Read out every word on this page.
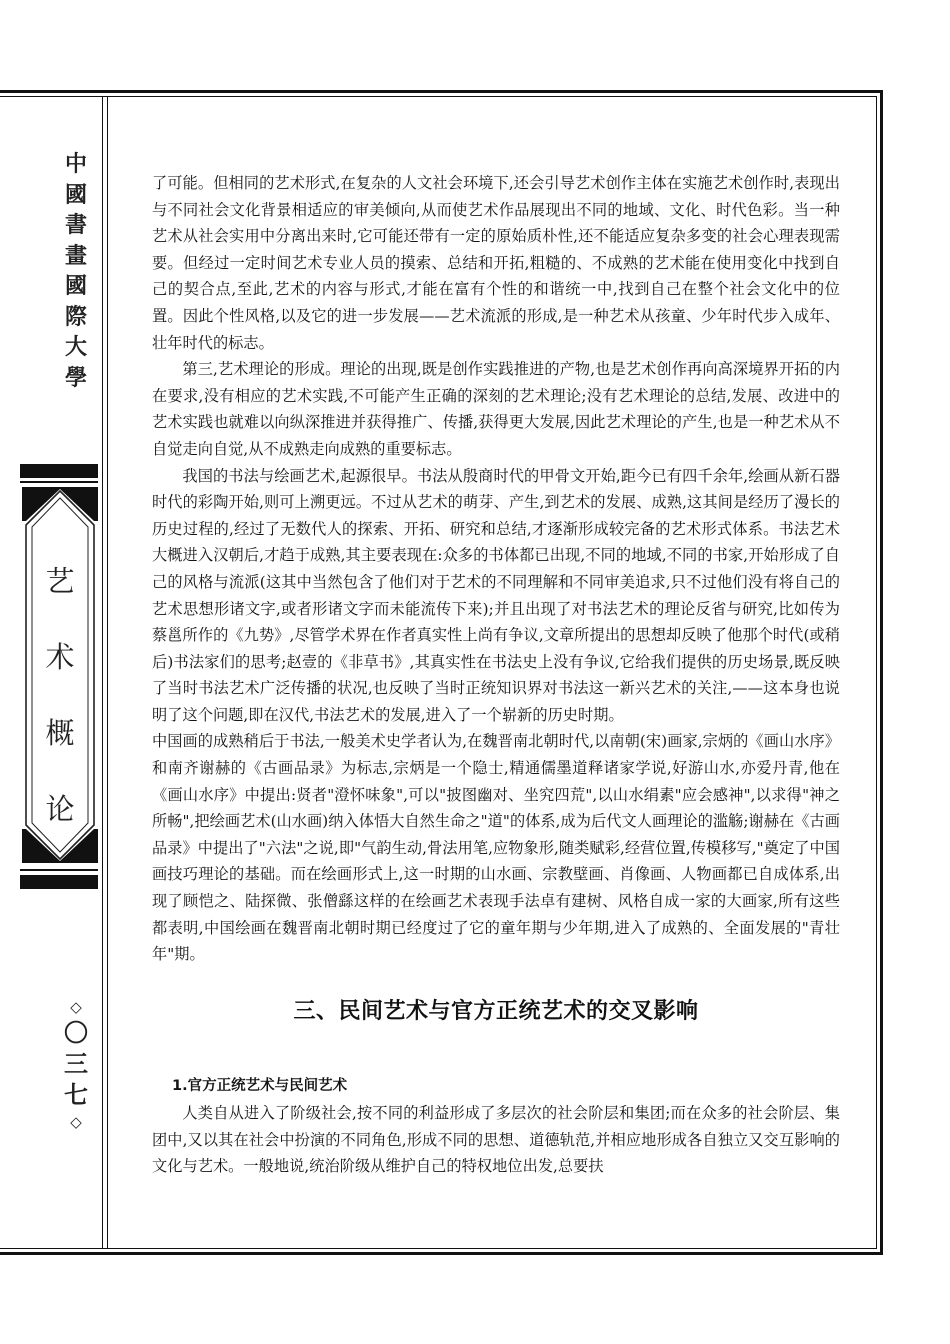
中
國
書
畫
國
際
大
學
艺
术
概
论
◇
〇
三
七
◇

了可能。但相同的艺术形式,在复杂的人文社会环境下,还会引导艺术创作主体在实施艺术创作时,表现出与不同社会文化背景相适应的审美倾向,从而使艺术作品展现出不同的地域、文化、时代色彩。当一种艺术从社会实用中分离出来时,它可能还带有一定的原始质朴性,还不能适应复杂多变的社会心理表现需要。但经过一定时间艺术专业人员的摸索、总结和开拓,粗糙的、不成熟的艺术能在使用变化中找到自己的契合点,至此,艺术的内容与形式,才能在富有个性的和谐统一中,找到自己在整个社会文化中的位置。因此个性风格,以及它的进一步发展——艺术流派的形成,是一种艺术从孩童、少年时代步入成年、壮年时代的标志。

第三,艺术理论的形成。理论的出现,既是创作实践推进的产物,也是艺术创作再向高深境界开拓的内在要求,没有相应的艺术实践,不可能产生正确的深刻的艺术理论;没有艺术理论的总结,发展、改进中的艺术实践也就难以向纵深推进并获得推广、传播,获得更大发展,因此艺术理论的产生,也是一种艺术从不自觉走向自觉,从不成熟走向成熟的重要标志。

我国的书法与绘画艺术,起源很早。书法从殷商时代的甲骨文开始,距今已有四千余年,绘画从新石器时代的彩陶开始,则可上溯更远。不过从艺术的萌芽、产生,到艺术的发展、成熟,这其间是经历了漫长的历史过程的,经过了无数代人的探索、开拓、研究和总结,才逐渐形成较完备的艺术形式体系。书法艺术大概进入汉朝后,才趋于成熟,其主要表现在:众多的书体都已出现,不同的地域,不同的书家,开始形成了自己的风格与流派(这其中当然包含了他们对于艺术的不同理解和不同审美追求,只不过他们没有将自己的艺术思想形诸文字,或者形诸文字而未能流传下来);并且出现了对书法艺术的理论反省与研究,比如传为蔡邕所作的《九势》,尽管学术界在作者真实性上尚有争议,文章所提出的思想却反映了他那个时代(或稍后)书法家们的思考;赵壹的《非草书》,其真实性在书法史上没有争议,它给我们提供的历史场景,既反映了当时书法艺术广泛传播的状况,也反映了当时正统知识界对书法这一新兴艺术的关注,——这本身也说明了这个问题,即在汉代,书法艺术的发展,进入了一个崭新的历史时期。

中国画的成熟稍后于书法,一般美术史学者认为,在魏晋南北朝时代,以南朝(宋)画家,宗炳的《画山水序》和南齐谢赫的《古画品录》为标志,宗炳是一个隐士,精通儒墨道释诸家学说,好游山水,亦爱丹青,他在《画山水序》中提出:贤者"澄怀味象",可以"披图幽对、坐究四荒",以山水绢素"应会感神",以求得"神之所畅",把绘画艺术(山水画)纳入体悟大自然生命之"道"的体系,成为后代文人画理论的滥觞;谢赫在《古画品录》中提出了"六法"之说,即"气韵生动,骨法用笔,应物象形,随类赋彩,经营位置,传模移写,"奠定了中国画技巧理论的基础。而在绘画形式上,这一时期的山水画、宗教壁画、肖像画、人物画都已自成体系,出现了顾恺之、陆探微、张僧繇这样的在绘画艺术表现手法卓有建树、风格自成一家的大画家,所有这些都表明,中国绘画在魏晋南北朝时期已经度过了它的童年期与少年期,进入了成熟的、全面发展的"青壮年"期。

三、民间艺术与官方正统艺术的交叉影响
1.官方正统艺术与民间艺术

人类自从进入了阶级社会,按不同的利益形成了多层次的社会阶层和集团;而在众多的社会阶层、集团中,又以其在社会中扮演的不同角色,形成不同的思想、道德轨范,并相应地形成各自独立又交互影响的文化与艺术。一般地说,统治阶级从维护自己的特权地位出发,总要扶
